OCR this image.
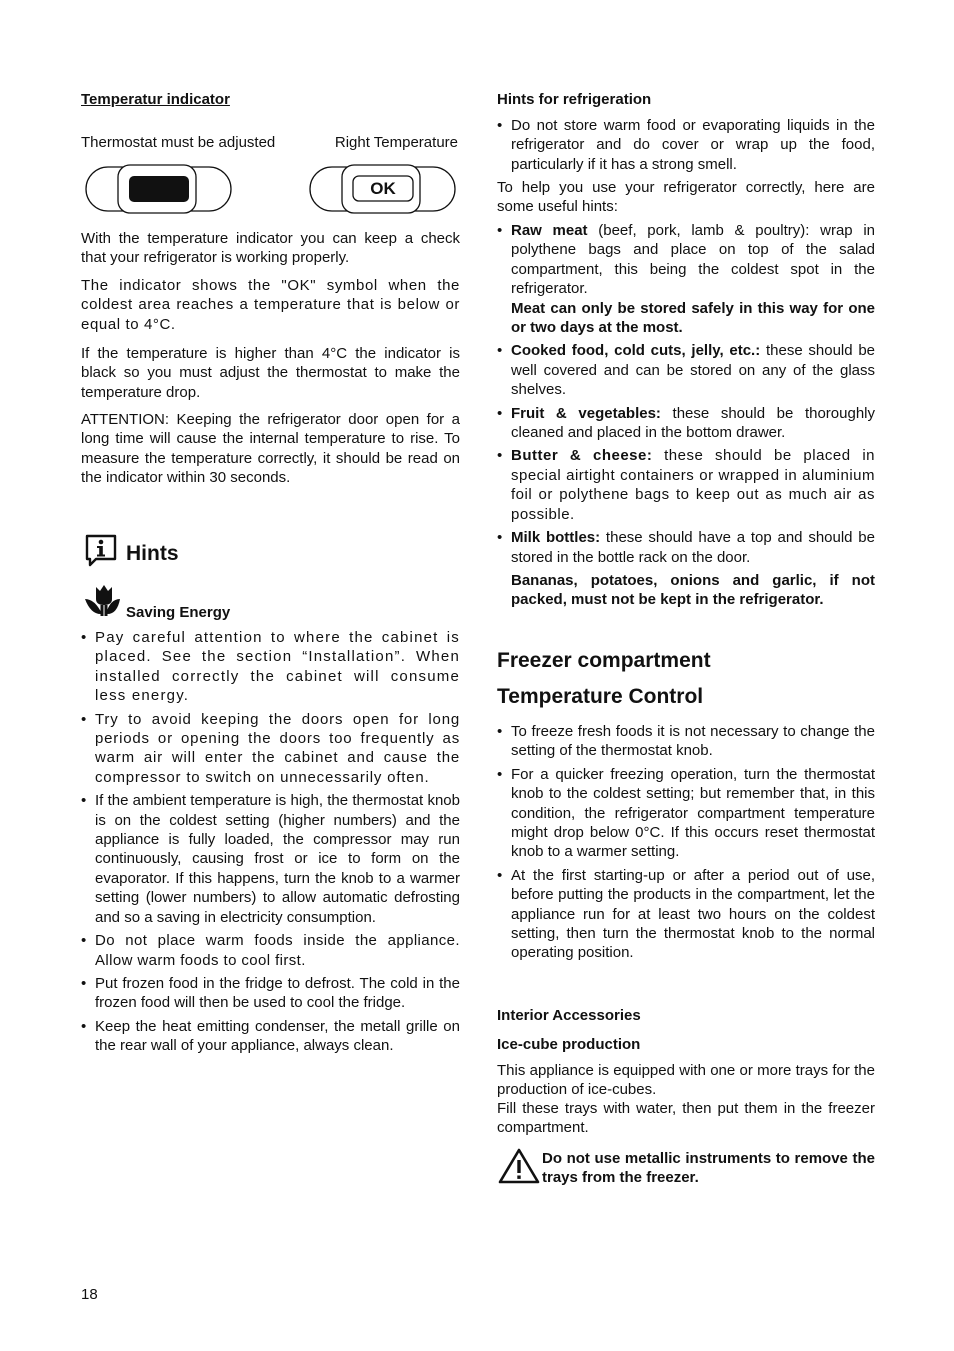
Temperatur indicator
Thermostat must be adjusted	Right Temperature
OK

With the temperature indicator you can keep a check that your refrigerator is working properly.

The indicator shows the "OK" symbol when the coldest area reaches a temperature that is below or equal to 4°C.

If the temperature is higher than 4°C the indicator is black so you must adjust the thermostat to make the temperature drop.

ATTENTION: Keeping the refrigerator door open for a long time will cause the internal temperature to rise. To measure the temperature correctly, it should be read on the indicator within 30 seconds.

Hints
Saving Energy
• Pay careful attention to where the cabinet is placed. See the section “Installation”. When installed correctly the cabinet will consume less energy.
• Try to avoid keeping the doors open for long periods or opening the doors too frequently as warm air will enter the cabinet and cause the compressor to switch on unnecessarily often.
• If the ambient temperature is high, the thermostat knob is on the coldest setting (higher numbers) and the appliance is fully loaded, the compressor may run continuously, causing frost or ice to form on the evaporator. If this happens, turn the knob to a warmer setting (lower numbers) to allow automatic defrosting and so a saving in electricity consumption.
• Do not place warm foods inside the appliance. Allow warm foods to cool first.
• Put frozen food in the fridge to defrost. The cold in the frozen food will then be used to cool the fridge.
• Keep the heat emitting condenser, the metall grille on the rear wall of your appliance, always clean.
18
Hints for refrigeration
• Do not store warm food or evaporating liquids in the refrigerator and do cover or wrap up the food, particularly if it has a strong smell.

To help you use your refrigerator correctly, here are some useful hints:

• Raw meat (beef, pork, lamb & poultry): wrap in polythene bags and place on top of the salad compartment, this being the coldest spot in the refrigerator.
Meat can only be stored safely in this way for one or two days at the most.
• Cooked food, cold cuts, jelly, etc.: these should be well covered and can be stored on any of the glass shelves.
• Fruit & vegetables: these should be thoroughly cleaned and placed in the bottom drawer.
• Butter & cheese: these should be placed in special airtight containers or wrapped in aluminium foil or polythene bags to keep out as much air as possible.
• Milk bottles: these should have a top and should be stored in the bottle rack on the door.

Bananas, potatoes, onions and garlic, if not packed, must not be kept in the refrigerator.

Freezer compartment
Temperature Control
• To freeze fresh foods it is not necessary to change the setting of the thermostat knob.
• For a quicker freezing operation, turn the thermostat knob to the coldest setting; but remember that, in this condition, the refrigerator compartment temperature might drop below 0°C. If this occurs reset thermostat knob to a warmer setting.
• At the first starting-up or after a period out of use, before putting the products in the compartment, let the appliance run for at least two hours on the coldest setting, then turn the thermostat knob to the normal operating position.
Interior Accessories
Ice-cube production

This appliance is equipped with one or more trays for the production of ice-cubes.

Fill these trays with water, then put them in the freezer compartment.

Do not use metallic instruments to remove the trays from the freezer.
